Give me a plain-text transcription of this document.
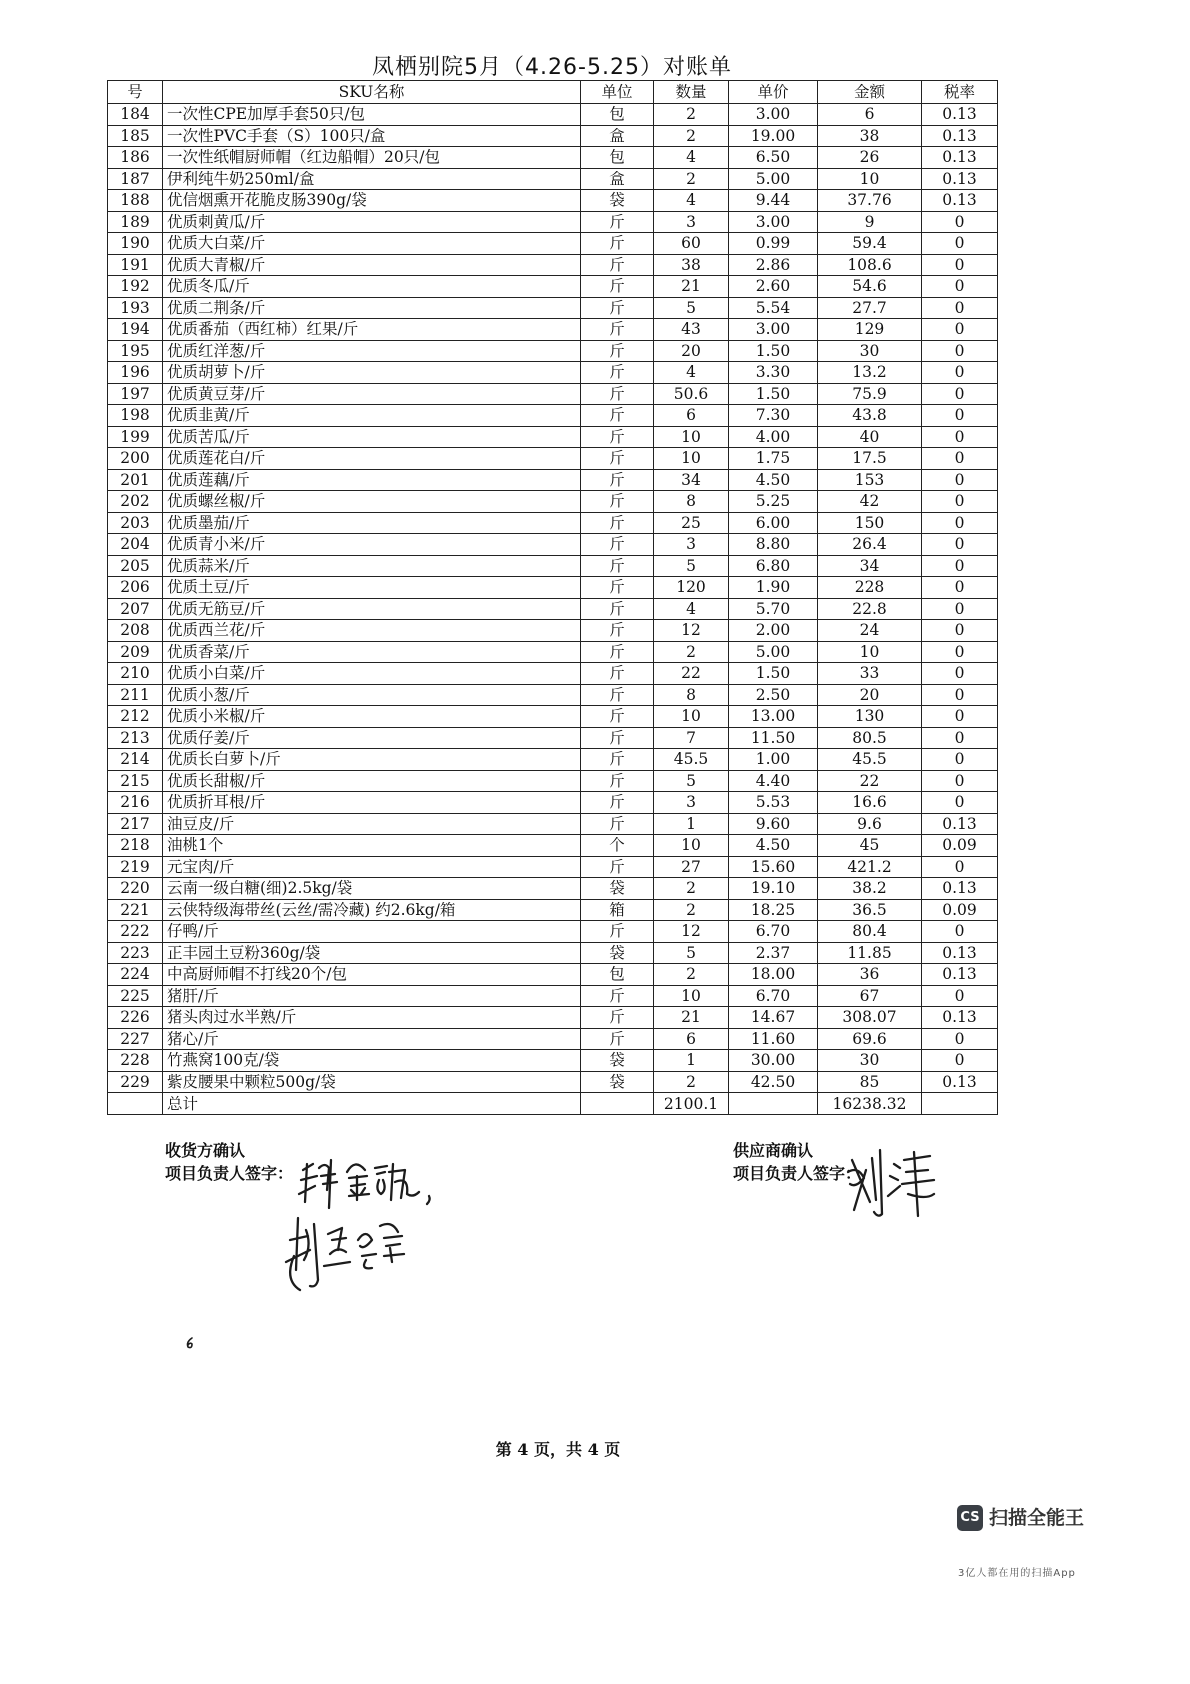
凤栖别院5月（4.26-5.25）对账单
号	SKU名称	单位	数量	单价	金额	税率
184	一次性CPE加厚手套50只/包	包	2	3.00	6	0.13
185	一次性PVC手套（S）100只/盒	盒	2	19.00	38	0.13
186	一次性纸帽厨师帽（红边船帽）20只/包	包	4	6.50	26	0.13
187	伊利纯牛奶250ml/盒	盒	2	5.00	10	0.13
188	优信烟熏开花脆皮肠390g/袋	袋	4	9.44	37.76	0.13
189	优质刺黄瓜/斤	斤	3	3.00	9	0
190	优质大白菜/斤	斤	60	0.99	59.4	0
191	优质大青椒/斤	斤	38	2.86	108.6	0
192	优质冬瓜/斤	斤	21	2.60	54.6	0
193	优质二荆条/斤	斤	5	5.54	27.7	0
194	优质番茄（西红柿）红果/斤	斤	43	3.00	129	0
195	优质红洋葱/斤	斤	20	1.50	30	0
196	优质胡萝卜/斤	斤	4	3.30	13.2	0
197	优质黄豆芽/斤	斤	50.6	1.50	75.9	0
198	优质韭黄/斤	斤	6	7.30	43.8	0
199	优质苦瓜/斤	斤	10	4.00	40	0
200	优质莲花白/斤	斤	10	1.75	17.5	0
201	优质莲藕/斤	斤	34	4.50	153	0
202	优质螺丝椒/斤	斤	8	5.25	42	0
203	优质墨茄/斤	斤	25	6.00	150	0
204	优质青小米/斤	斤	3	8.80	26.4	0
205	优质蒜米/斤	斤	5	6.80	34	0
206	优质土豆/斤	斤	120	1.90	228	0
207	优质无筋豆/斤	斤	4	5.70	22.8	0
208	优质西兰花/斤	斤	12	2.00	24	0
209	优质香菜/斤	斤	2	5.00	10	0
210	优质小白菜/斤	斤	22	1.50	33	0
211	优质小葱/斤	斤	8	2.50	20	0
212	优质小米椒/斤	斤	10	13.00	130	0
213	优质仔姜/斤	斤	7	11.50	80.5	0
214	优质长白萝卜/斤	斤	45.5	1.00	45.5	0
215	优质长甜椒/斤	斤	5	4.40	22	0
216	优质折耳根/斤	斤	3	5.53	16.6	0
217	油豆皮/斤	斤	1	9.60	9.6	0.13
218	油桃1个	个	10	4.50	45	0.09
219	元宝肉/斤	斤	27	15.60	421.2	0
220	云南一级白糖(细)2.5kg/袋	袋	2	19.10	38.2	0.13
221	云侠特级海带丝(云丝/需冷藏) 约2.6kg/箱	箱	2	18.25	36.5	0.09
222	仔鸭/斤	斤	12	6.70	80.4	0
223	正丰园土豆粉360g/袋	袋	5	2.37	11.85	0.13
224	中高厨师帽不打线20个/包	包	2	18.00	36	0.13
225	猪肝/斤	斤	10	6.70	67	0
226	猪头肉过水半熟/斤	斤	21	14.67	308.07	0.13
227	猪心/斤	斤	6	11.60	69.6	0
228	竹燕窝100克/袋	袋	1	30.00	30	0
229	紫皮腰果中颗粒500g/袋	袋	2	42.50	85	0.13
	总计		2100.1		16238.32	
收货方确认
项目负责人签字：
供应商确认
项目负责人签字：
第 4 页，共 4 页
CS 扫描全能王
3亿人都在用的扫描App
